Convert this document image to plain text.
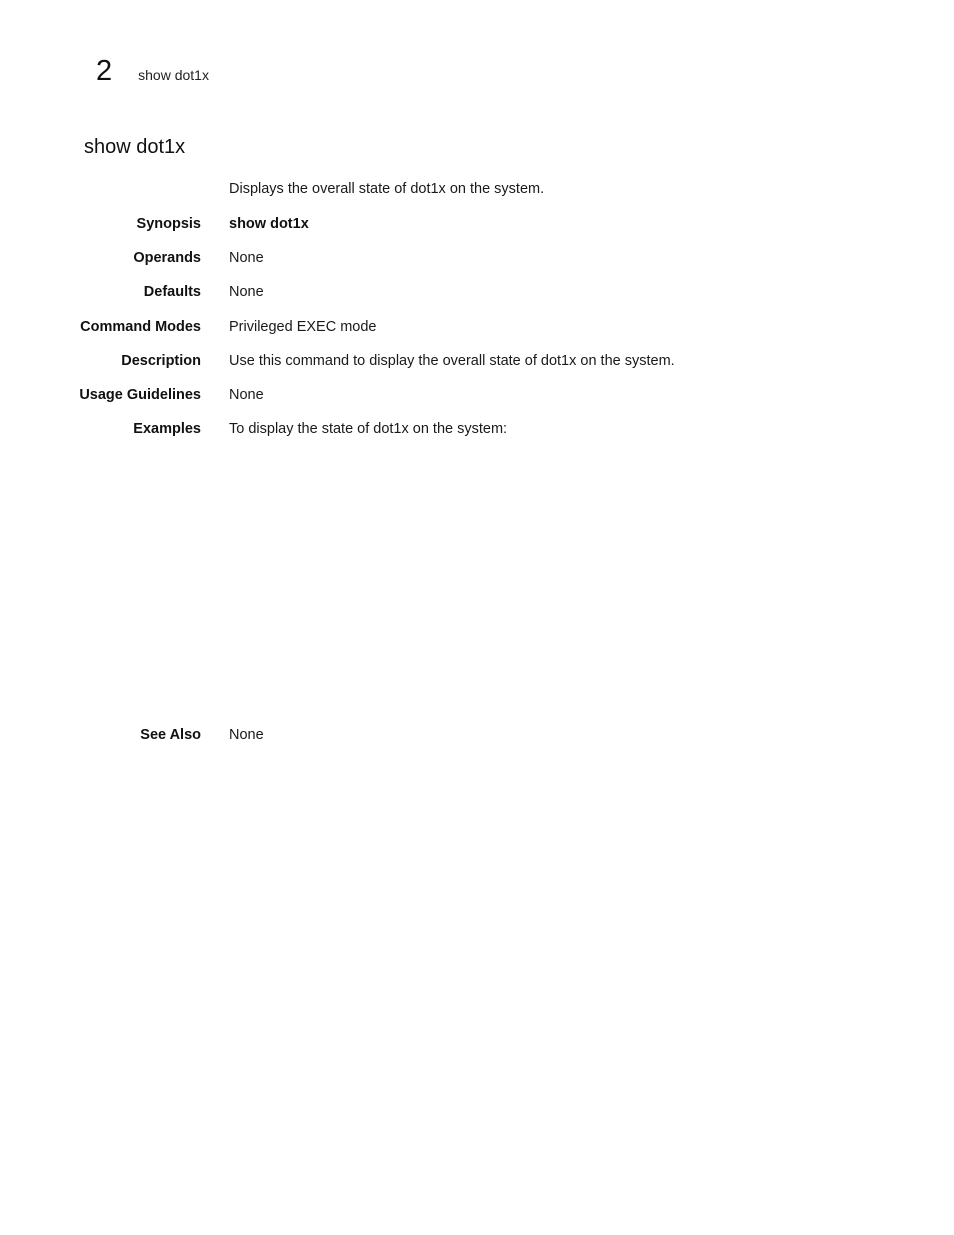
2 show dot1x
show dot1x
Displays the overall state of dot1x on the system.
Synopsis show dot1x
Operands None
Defaults None
Command Modes Privileged EXEC mode
Description Use this command to display the overall state of dot1x on the system.
Usage Guidelines None
Examples To display the state of dot1x on the system:
See Also None
